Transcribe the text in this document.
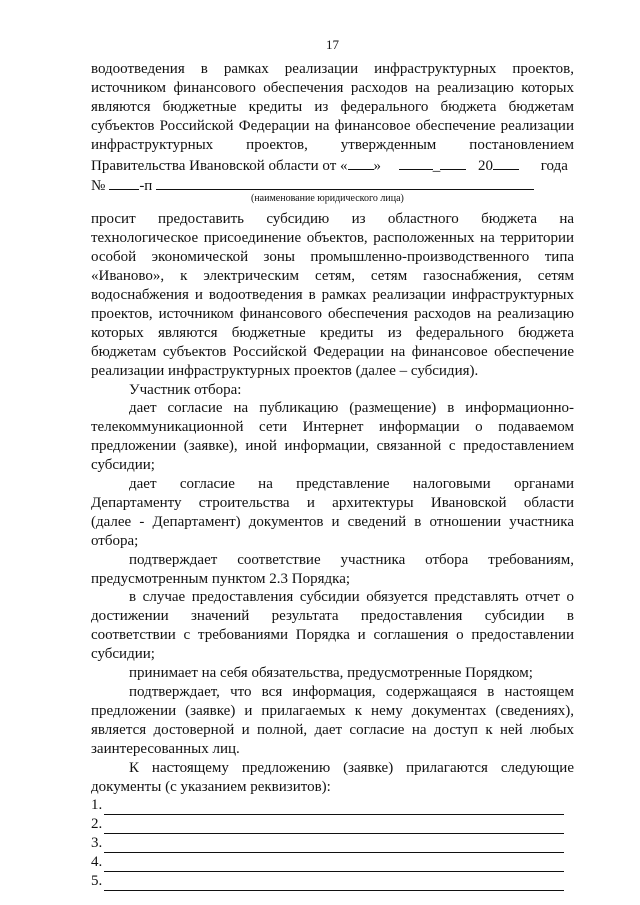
17
водоотведения в рамках реализации инфраструктурных проектов,
источником финансового обеспечения расходов на реализацию которых
являются бюджетные кредиты из федерального бюджета бюджетам
субъектов Российской Федерации на финансовое обеспечение реализации
инфраструктурных проектов, утвержденным постановлением
Правительства Ивановской области от « »	_	20	года
№ -п
(наименование юридического лица)
просит предоставить субсидию из областного бюджета на
технологическое присоединение объектов, расположенных на территории
особой экономической зоны промышленно-производственного типа
«Иваново», к электрическим сетям, сетям газоснабжения, сетям
водоснабжения и водоотведения в рамках реализации инфраструктурных
проектов, источником финансового обеспечения расходов на реализацию
которых являются бюджетные кредиты из федерального бюджета
бюджетам субъектов Российской Федерации на финансовое обеспечение
реализации инфраструктурных проектов (далее – субсидия).
Участник отбора:
дает согласие на публикацию (размещение) в информационно-
телекоммуникационной сети Интернет информации о подаваемом
предложении (заявке), иной информации, связанной с предоставлением
субсидии;
дает согласие на представление налоговыми органами
Департаменту строительства и архитектуры Ивановской области
(далее - Департамент) документов и сведений в отношении участника
отбора;
подтверждает соответствие участника отбора требованиям,
предусмотренным пунктом 2.3 Порядка;
в случае предоставления субсидии обязуется представлять отчет о
достижении значений результата предоставления субсидии в
соответствии с требованиями Порядка и соглашения о предоставлении
субсидии;
принимает на себя обязательства, предусмотренные Порядком;
подтверждает, что вся информация, содержащаяся в настоящем
предложении (заявке) и прилагаемых к нему документах (сведениях),
является достоверной и полной, дает согласие на доступ к ней любых
заинтересованных лиц.
К настоящему предложению (заявке) прилагаются следующие
документы (с указанием реквизитов):
1.
2.
3.
4.
5.
